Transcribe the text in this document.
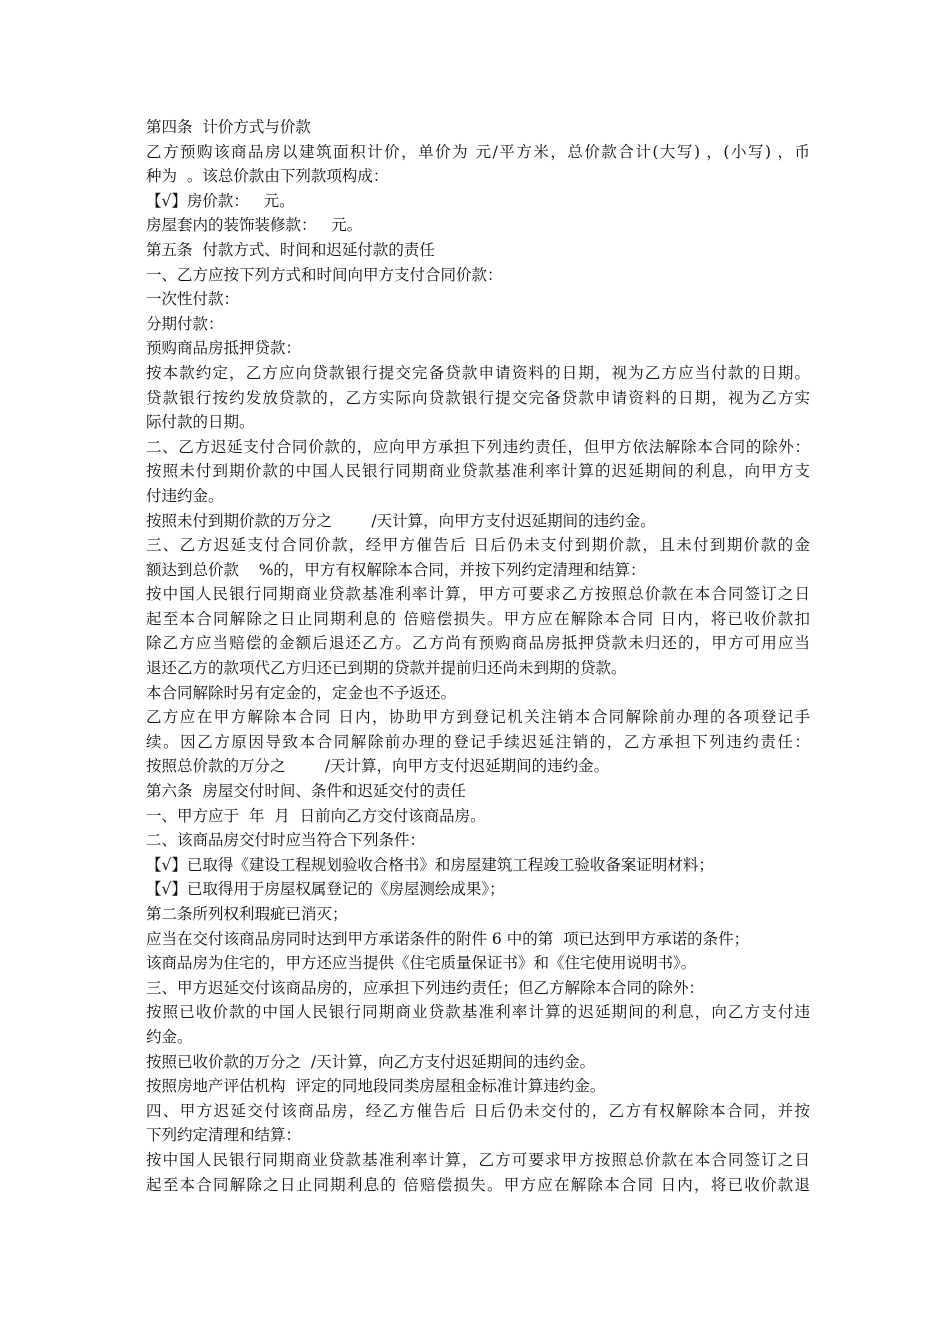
第四条  计价方式与价款
乙方预购该商品房以建筑面积计价，单价为 元/平方米，总价款合计(大写) ，(小写) ，币
种为  。该总价款由下列款项构成：
【√】房价款：   元。
房屋套内的装饰装修款：   元。
第五条  付款方式、时间和迟延付款的责任
一、乙方应按下列方式和时间向甲方支付合同价款：
一次性付款：
分期付款：
预购商品房抵押贷款：
按本款约定，乙方应向贷款银行提交完备贷款申请资料的日期，视为乙方应当付款的日期。
贷款银行按约发放贷款的，乙方实际向贷款银行提交完备贷款申请资料的日期，视为乙方实
际付款的日期。
二、乙方迟延支付合同价款的，应向甲方承担下列违约责任，但甲方依法解除本合同的除外：
按照未付到期价款的中国人民银行同期商业贷款基准利率计算的迟延期间的利息，向甲方支
付违约金。
按照未付到期价款的万分之        /天计算，向甲方支付迟延期间的违约金。
三、乙方迟延支付合同价款，经甲方催告后 日后仍未支付到期价款，且未付到期价款的金
额达到总价款    %的，甲方有权解除本合同，并按下列约定清理和结算：
按中国人民银行同期商业贷款基准利率计算，甲方可要求乙方按照总价款在本合同签订之日
起至本合同解除之日止同期利息的 倍赔偿损失。甲方应在解除本合同 日内，将已收价款扣
除乙方应当赔偿的金额后退还乙方。乙方尚有预购商品房抵押贷款未归还的，甲方可用应当
退还乙方的款项代乙方归还已到期的贷款并提前归还尚未到期的贷款。
本合同解除时另有定金的，定金也不予返还。
乙方应在甲方解除本合同 日内，协助甲方到登记机关注销本合同解除前办理的各项登记手
续。因乙方原因导致本合同解除前办理的登记手续迟延注销的，乙方承担下列违约责任：
按照总价款的万分之        /天计算，向甲方支付迟延期间的违约金。
第六条  房屋交付时间、条件和迟延交付的责任
一、甲方应于  年  月  日前向乙方交付该商品房。
二、该商品房交付时应当符合下列条件：
【√】已取得《建设工程规划验收合格书》和房屋建筑工程竣工验收备案证明材料；
【√】已取得用于房屋权属登记的《房屋测绘成果》；
第二条所列权利瑕疵已消灭；
应当在交付该商品房同时达到甲方承诺条件的附件 6 中的第  项已达到甲方承诺的条件；
该商品房为住宅的，甲方还应当提供《住宅质量保证书》和《住宅使用说明书》。
三、甲方迟延交付该商品房的，应承担下列违约责任；但乙方解除本合同的除外：
按照已收价款的中国人民银行同期商业贷款基准利率计算的迟延期间的利息，向乙方支付违
约金。
按照已收价款的万分之  /天计算，向乙方支付迟延期间的违约金。
按照房地产评估机构  评定的同地段同类房屋租金标准计算违约金。
四、甲方迟延交付该商品房，经乙方催告后 日后仍未交付的，乙方有权解除本合同，并按
下列约定清理和结算：
按中国人民银行同期商业贷款基准利率计算，乙方可要求甲方按照总价款在本合同签订之日
起至本合同解除之日止同期利息的 倍赔偿损失。甲方应在解除本合同 日内，将已收价款退
